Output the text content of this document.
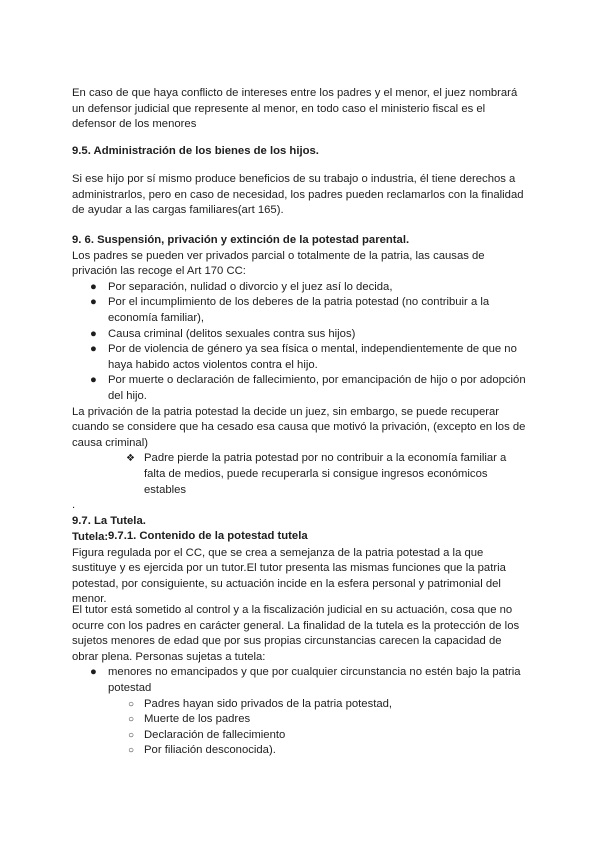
En caso de que haya conflicto de intereses entre los padres y el menor, el juez nombrará un defensor judicial que represente al menor, en todo caso el ministerio fiscal es el defensor de los menores

9.5. Administración de los bienes de los hijos.

Si ese hijo por sí mismo produce beneficios de su trabajo o industria, él tiene derechos a administrarlos, pero en caso de necesidad, los padres pueden reclamarlos con la finalidad de ayudar a las cargas familiares(art 165).

9. 6. Suspensión, privación y extinción de la potestad parental.

Los padres se pueden ver privados parcial o totalmente de la patria, las causas de privación las recoge el Art 170 CC:

● Por separación, nulidad o divorcio y el juez así lo decida,
● Por el incumplimiento de los deberes de la patria potestad (no contribuir a la economía familiar),
● Causa criminal (delitos sexuales contra sus hijos)
● Por de violencia de género ya sea física o mental, independientemente de que no haya habido actos violentos contra el hijo.
● Por muerte o declaración de fallecimiento, por emancipación de hijo o por adopción del hijo.

La privación de la patria potestad la decide un juez, sin embargo, se puede recuperar cuando se considere que ha cesado esa causa que motivó la privación, (excepto en los de causa criminal)

❖ Padre pierde la patria potestad por no contribuir a la economía familiar a falta de medios, puede recuperarla si consigue ingresos económicos estables

.

9.7. La Tutela.

9.7.1. Contenido de la potestad tutela

Tutela:

Figura regulada por el CC, que se crea a semejanza de la patria potestad a la que sustituye y es ejercida por un tutor.El tutor presenta las mismas funciones que la patria potestad, por consiguiente, su actuación incide en la esfera personal y patrimonial del menor.

El tutor está sometido al control y a la fiscalización judicial en su actuación, cosa que no ocurre con los padres en carácter general. La finalidad de la tutela es la protección de los sujetos menores de edad que por sus propias circunstancias carecen la capacidad de obrar plena. Personas sujetas a tutela:

● menores no emancipados y que por cualquier circunstancia no estén bajo la patria potestad
○ Padres hayan sido privados de la patria potestad,
○ Muerte de los padres
○ Declaración de fallecimiento
○ Por filiación desconocida).
